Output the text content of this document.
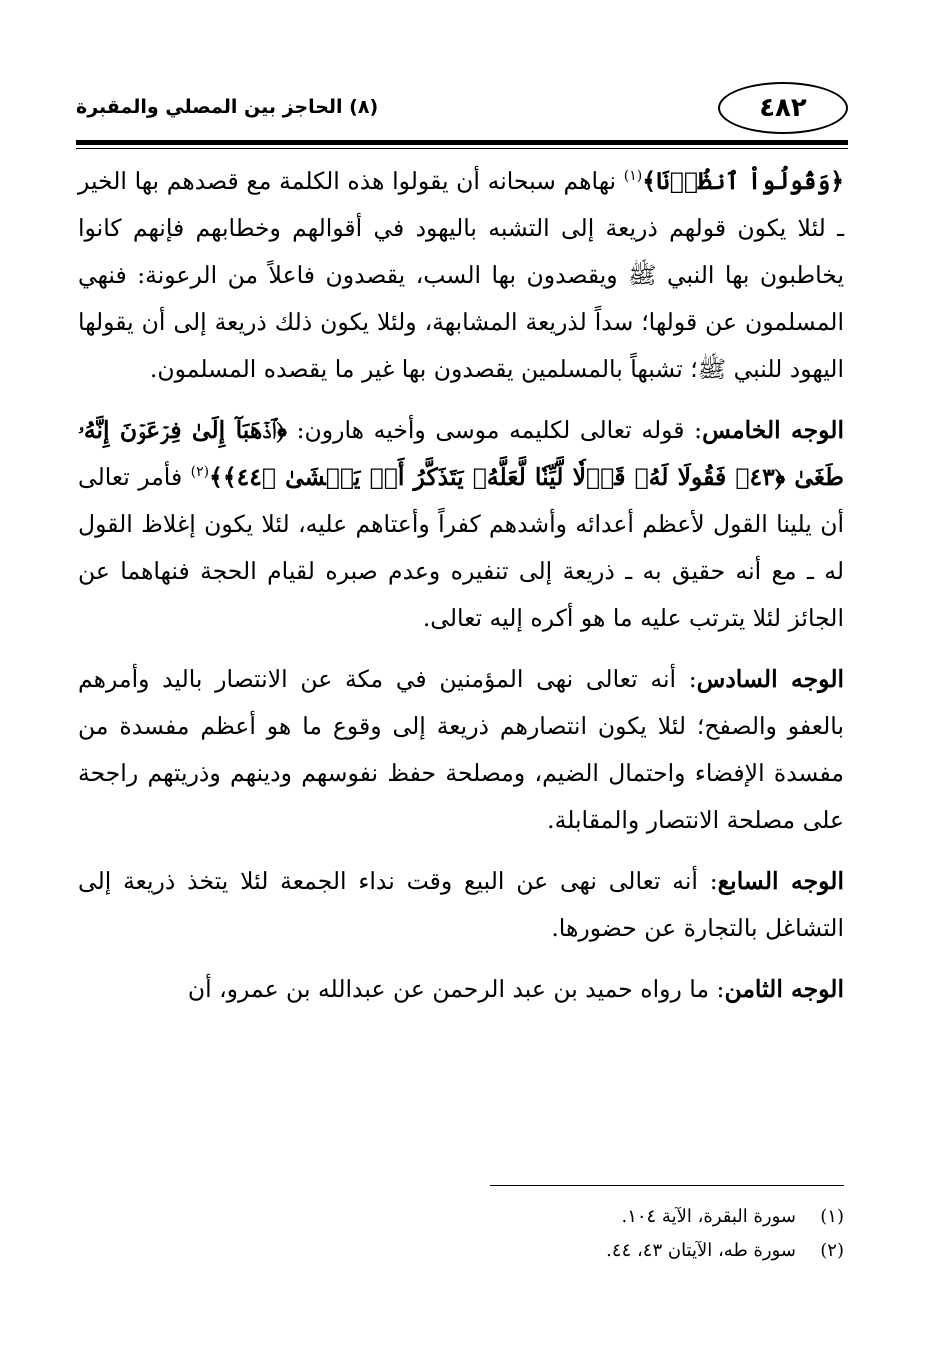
(٨) الحاجز بين المصلي والمقبرة	٤٨٢

﴿وَقُولُواْ ٱنظُرۡنَا﴾$^{(١)}$ نهاهم سبحانه أن يقولوا هذه الكلمة مع قصدهم بها الخير ـ لئلا يكون قولهم ذريعة إلى التشبه باليهود في أقوالهم وخطابهم فإنهم كانوا يخاطبون بها النبي ﷺ ويقصدون بها السب، يقصدون فاعلاً من الرعونة: فنهي المسلمون عن قولها؛ سداً لذريعة المشابهة، ولئلا يكون ذلك ذريعة إلى أن يقولها اليهود للنبي ﷺ؛ تشبهاً بالمسلمين يقصدون بها غير ما يقصده المسلمون.

الوجه الخامس: قوله تعالى لكليمه موسى وأخيه هارون: ﴿ٱذۡهَبَآ إِلَىٰ فِرۡعَوۡنَ إِنَّهُۥ طَغَىٰ ﴿٤٣﴾ فَقُولَا لَهُۥ قَوۡلٗا لَّيِّنٗا لَّعَلَّهُۥ يَتَذَكَّرُ أَوۡ يَخۡشَىٰ ﴿٤٤﴾﴾$^{(٢)}$ فأمر تعالى أن يلينا القول لأعظم أعدائه وأشدهم كفراً وأعتاهم عليه، لئلا يكون إغلاظ القول له ـ مع أنه حقيق به ـ ذريعة إلى تنفيره وعدم صبره لقيام الحجة فنهاهما عن الجائز لئلا يترتب عليه ما هو أكره إليه تعالى.

الوجه السادس: أنه تعالى نهى المؤمنين في مكة عن الانتصار باليد وأمرهم بالعفو والصفح؛ لئلا يكون انتصارهم ذريعة إلى وقوع ما هو أعظم مفسدة من مفسدة الإفضاء واحتمال الضيم، ومصلحة حفظ نفوسهم ودينهم وذريتهم راجحة على مصلحة الانتصار والمقابلة.

الوجه السابع: أنه تعالى نهى عن البيع وقت نداء الجمعة لئلا يتخذ ذريعة إلى التشاغل بالتجارة عن حضورها.

الوجه الثامن: ما رواه حميد بن عبد الرحمن عن عبدالله بن عمرو، أن

(١)
سورة البقرة، الآية ١٠٤.
(٢)
سورة طه، الآيتان ٤٣، ٤٤.
